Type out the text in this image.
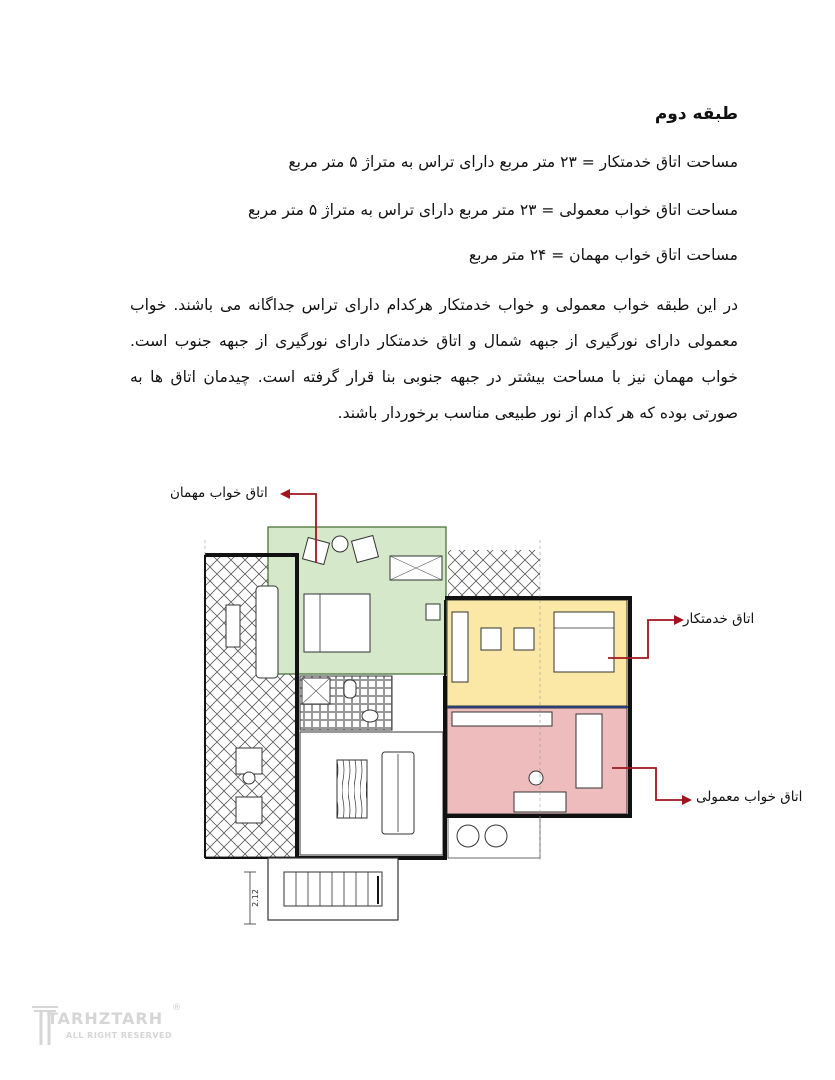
طبقه دوم
مساحت اتاق خدمتکار = ۲۳ متر مربع دارای تراس به متراژ ۵ متر مربع
مساحت اتاق خواب معمولی = ۲۳ متر مربع دارای تراس به متراژ ۵ متر مربع
مساحت اتاق خواب مهمان = ۲۴ متر مربع
در این طبقه خواب معمولی و خواب خدمتکار هرکدام دارای تراس جداگانه می باشند. خواب معمولی دارای نورگیری از جبهه شمال و اتاق خدمتکار دارای نورگیری از جبهه جنوب است. خواب مهمان نیز با مساحت بیشتر در جبهه جنوبی بنا قرار گرفته است. چیدمان اتاق ها به صورتی بوده که هر کدام از نور طبیعی مناسب برخوردار باشند.
2.12
اتاق خواب مهمان
اتاق خدمتکار
اتاق خواب معمولی
TARHZTARH
ALL RIGHT RESERVED
®
